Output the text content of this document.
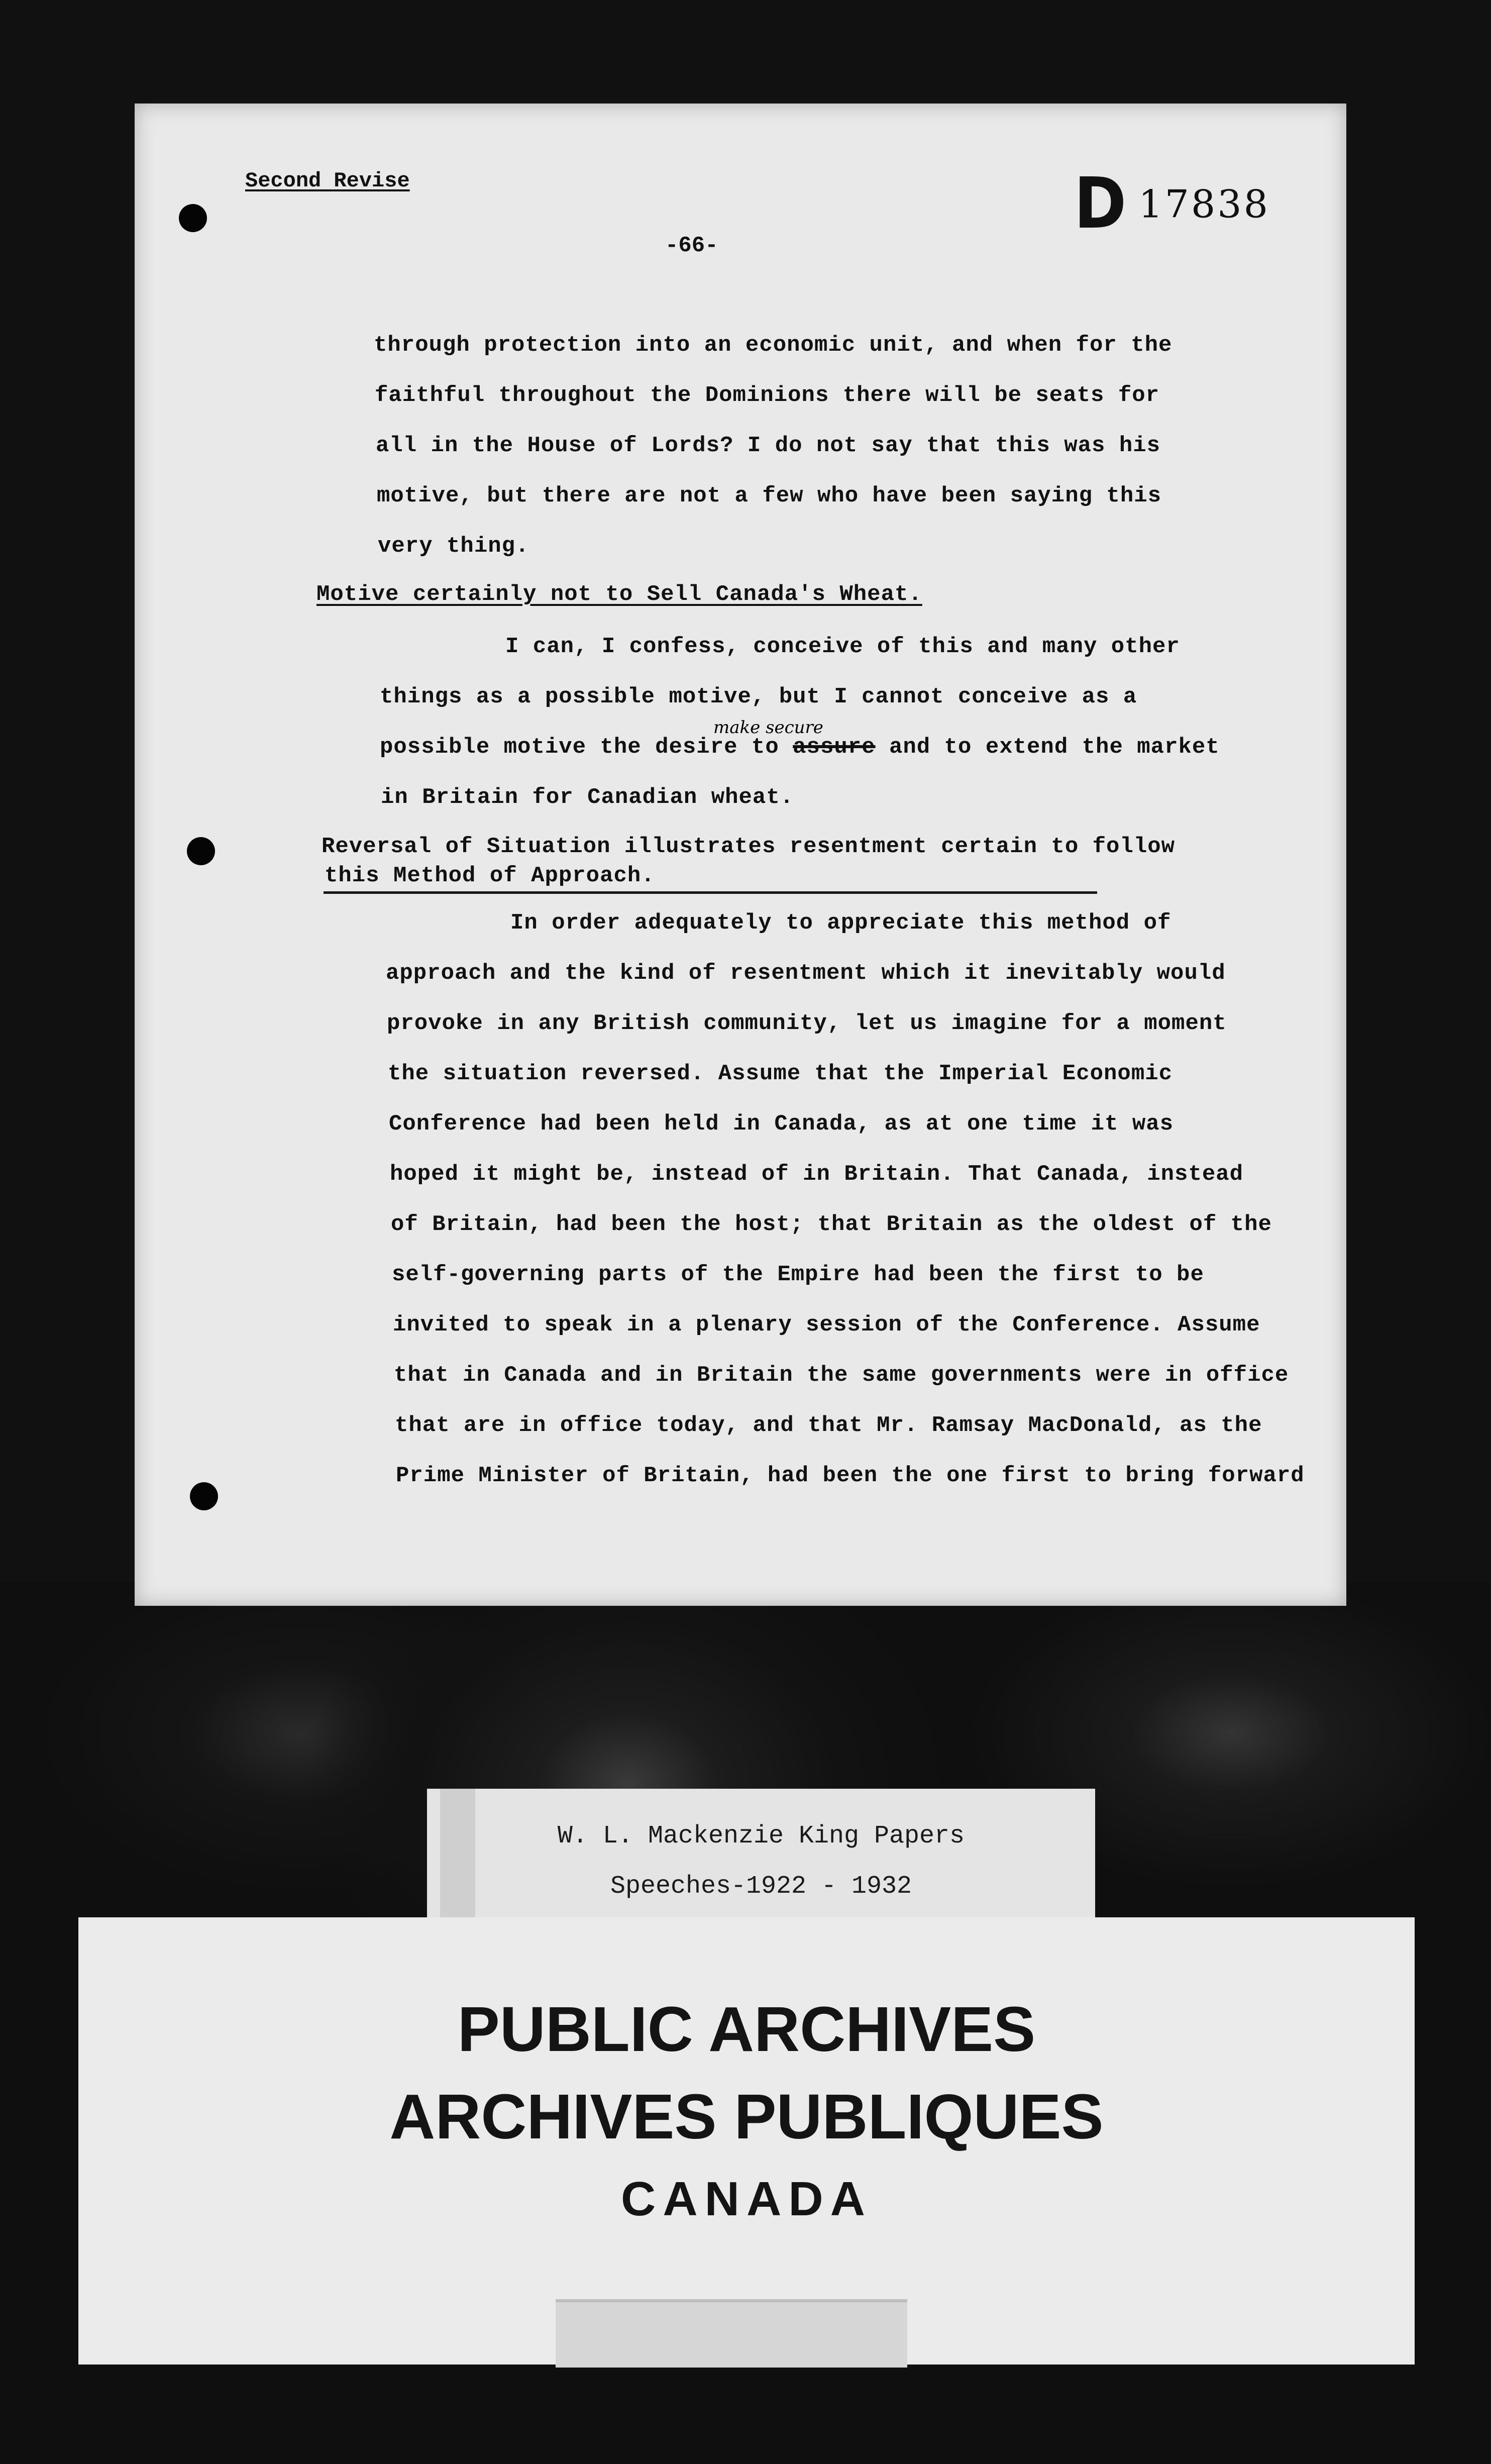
Second Revise	D 17838
-66-
through protection into an economic unit, and when for the
faithful throughout the Dominions there will be seats for
all in the House of Lords? I do not say that this was his
motive, but there are not a few who have been saying this
very thing.
Motive certainly not to Sell Canada's Wheat.
I can, I confess, conceive of this and many other
things as a possible motive, but I cannot conceive as a
make secure
possible motive the desire to assure and to extend the market
in Britain for Canadian wheat.
Reversal of Situation illustrates resentment certain to follow
this Method of Approach.
In order adequately to appreciate this method of
approach and the kind of resentment which it inevitably would
provoke in any British community, let us imagine for a moment
the situation reversed. Assume that the Imperial Economic
Conference had been held in Canada, as at one time it was
hoped it might be, instead of in Britain. That Canada, instead
of Britain, had been the host; that Britain as the oldest of the
self-governing parts of the Empire had been the first to be
invited to speak in a plenary session of the Conference. Assume
that in Canada and in Britain the same governments were in office
that are in office today, and that Mr. Ramsay MacDonald, as the
Prime Minister of Britain, had been the one first to bring forward
W. L. Mackenzie King Papers
Speeches-1922 - 1932
PUBLIC ARCHIVES
ARCHIVES PUBLIQUES
CANADA
